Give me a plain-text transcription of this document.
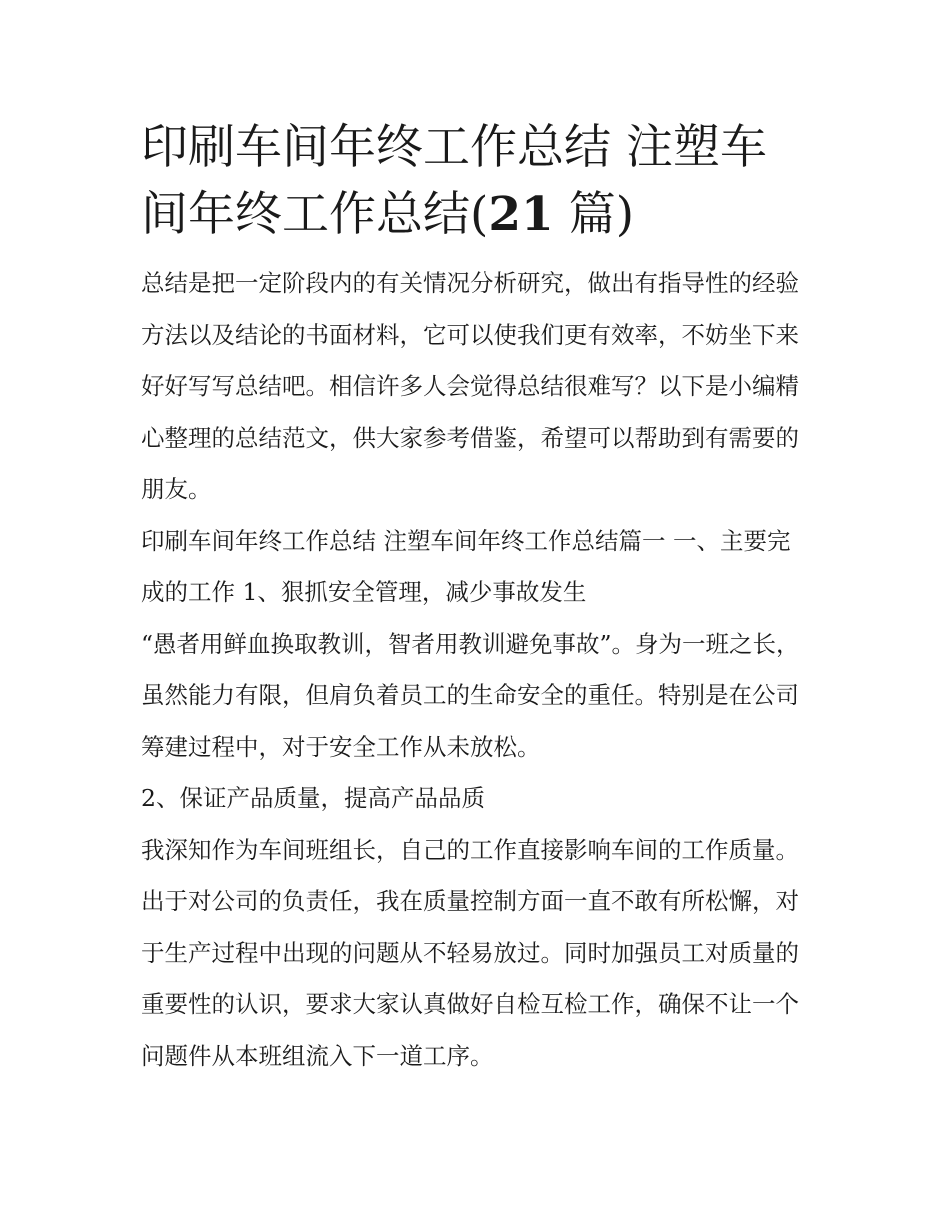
印刷车间年终工作总结 注塑车间年终工作总结(21 篇)

总结是把一定阶段内的有关情况分析研究，做出有指导性的经验方法以及结论的书面材料，它可以使我们更有效率，不妨坐下来好好写写总结吧。相信许多人会觉得总结很难写？以下是小编精心整理的总结范文，供大家参考借鉴，希望可以帮助到有需要的朋友。

印刷车间年终工作总结 注塑车间年终工作总结篇一 一、主要完成的工作 1、狠抓安全管理，减少事故发生

“愚者用鲜血换取教训，智者用教训避免事故”。身为一班之长，虽然能力有限，但肩负着员工的生命安全的重任。特别是在公司筹建过程中，对于安全工作从未放松。

2、保证产品质量，提高产品品质

我深知作为车间班组长，自己的工作直接影响车间的工作质量。出于对公司的负责任，我在质量控制方面一直不敢有所松懈，对于生产过程中出现的问题从不轻易放过。同时加强员工对质量的重要性的认识，要求大家认真做好自检互检工作，确保不让一个问题件从本班组流入下一道工序。
